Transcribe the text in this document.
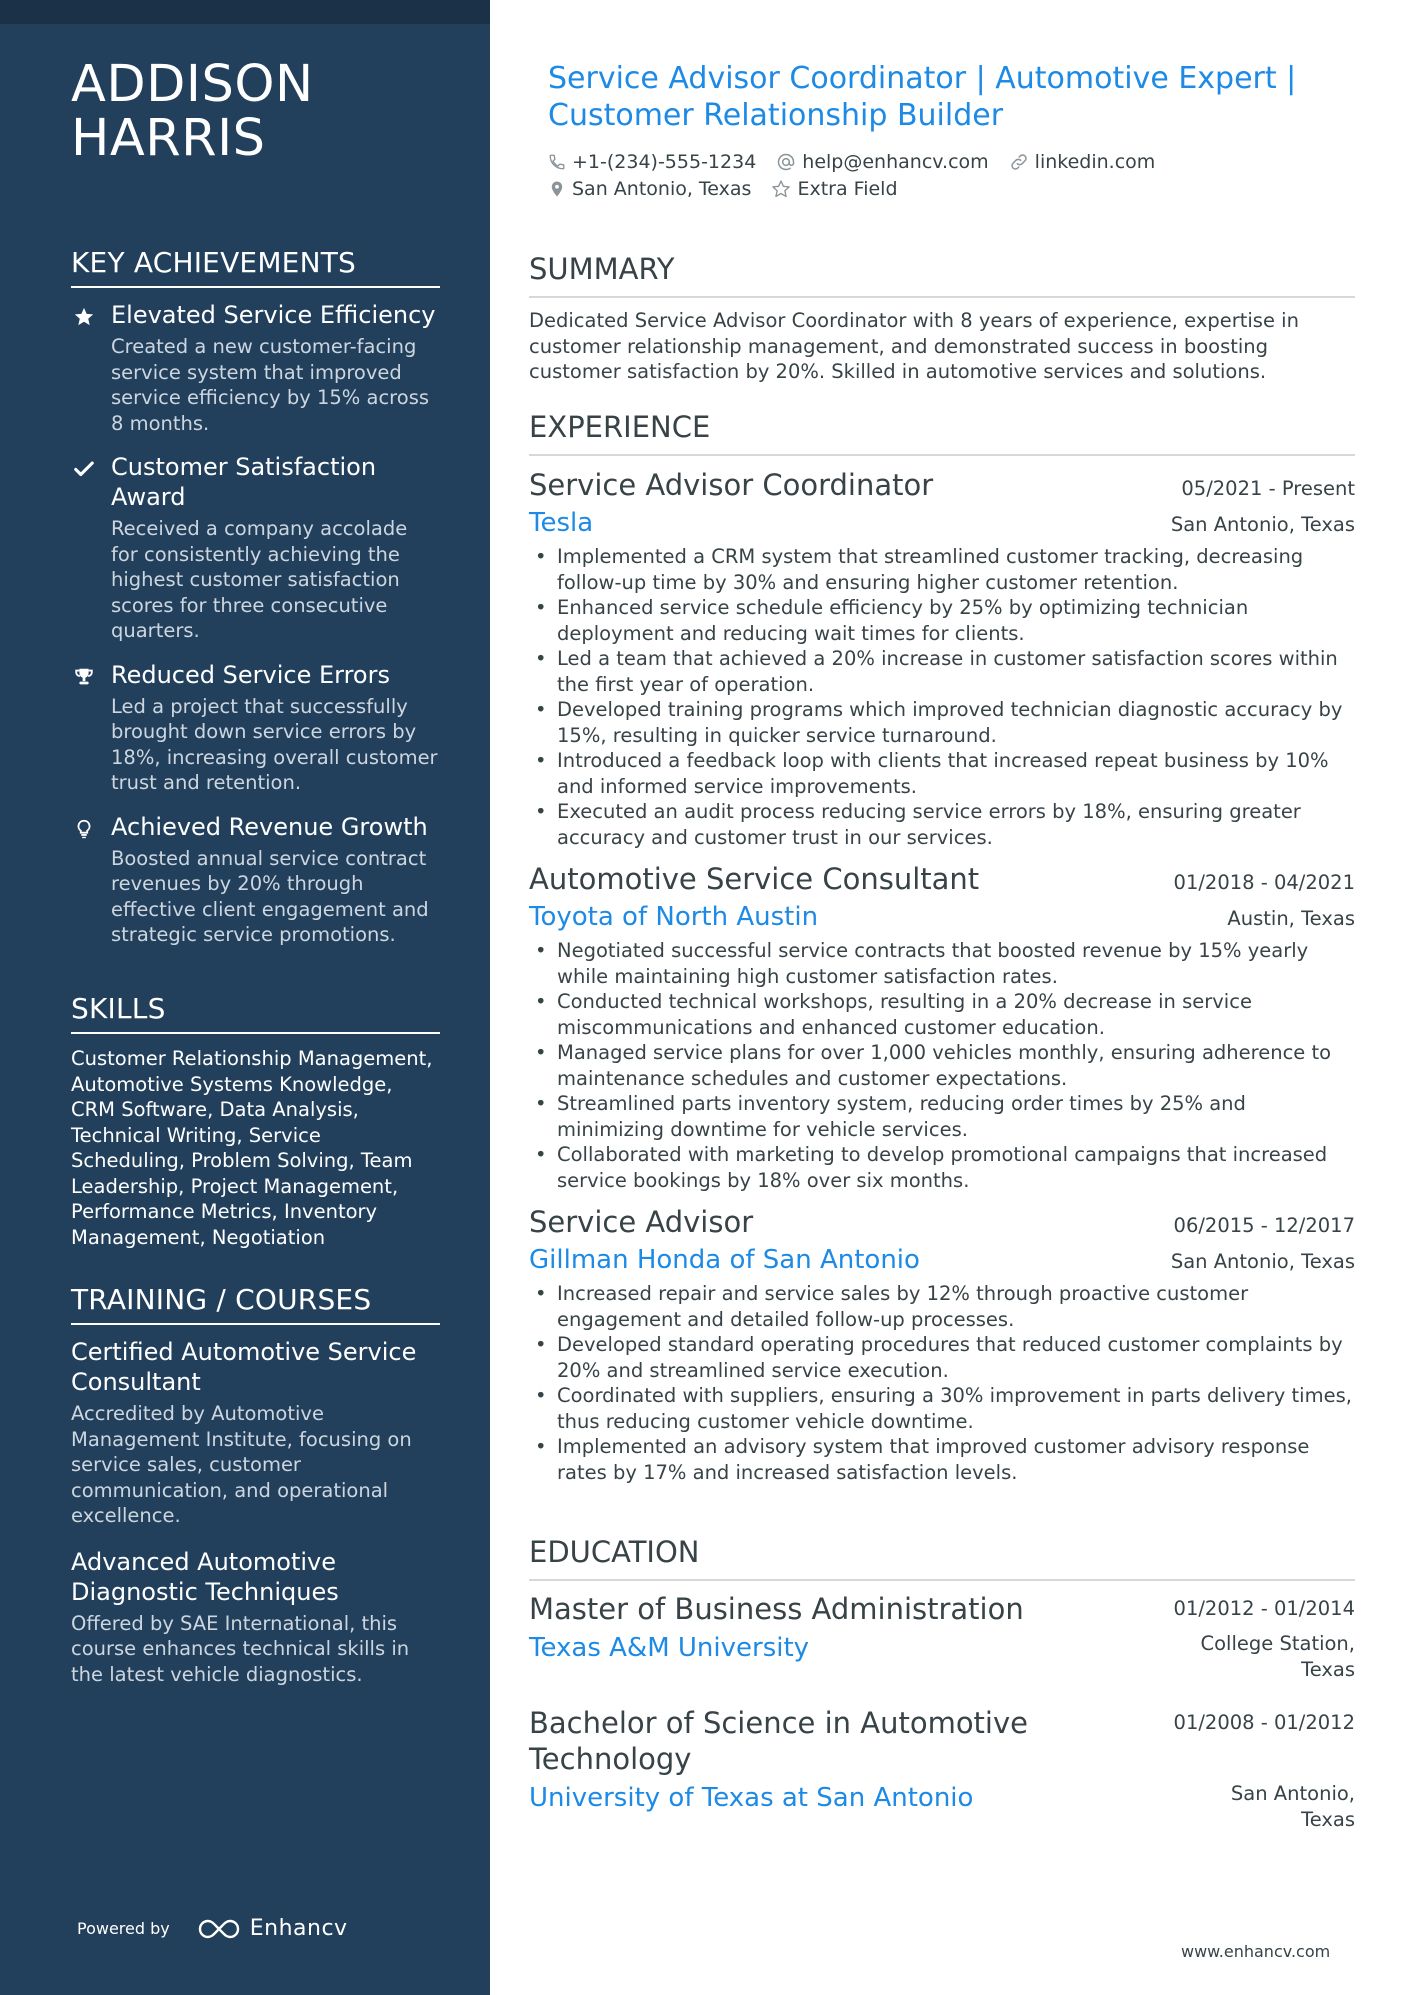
ADDISON
HARRIS
KEY ACHIEVEMENTS
Elevated Service Efficiency
Created a new customer-facing service system that improved service efficiency by 15% across 8 months.
Customer Satisfaction Award
Received a company accolade for consistently achieving the highest customer satisfaction scores for three consecutive quarters.
Reduced Service Errors
Led a project that successfully brought down service errors by 18%, increasing overall customer trust and retention.
Achieved Revenue Growth
Boosted annual service contract revenues by 20% through effective client engagement and strategic service promotions.
SKILLS
Customer Relationship Management, Automotive Systems Knowledge, CRM Software, Data Analysis, Technical Writing, Service Scheduling, Problem Solving, Team Leadership, Project Management, Performance Metrics, Inventory Management, Negotiation
TRAINING / COURSES
Certified Automotive Service Consultant
Accredited by Automotive Management Institute, focusing on service sales, customer communication, and operational excellence.
Advanced Automotive Diagnostic Techniques
Offered by SAE International, this course enhances technical skills in the latest vehicle diagnostics.
Powered by	Enhancv
Service Advisor Coordinator | Automotive Expert | Customer Relationship Builder
+1-(234)-555-1234 help@enhancv.com linkedin.com
San Antonio, Texas Extra Field
SUMMARY
Dedicated Service Advisor Coordinator with 8 years of experience, expertise in customer relationship management, and demonstrated success in boosting customer satisfaction by 20%. Skilled in automotive services and solutions.
EXPERIENCE
Service Advisor Coordinator	05/2021 - Present
Tesla	San Antonio, Texas
• Implemented a CRM system that streamlined customer tracking, decreasing follow-up time by 30% and ensuring higher customer retention.
• Enhanced service schedule efficiency by 25% by optimizing technician deployment and reducing wait times for clients.
• Led a team that achieved a 20% increase in customer satisfaction scores within the first year of operation.
• Developed training programs which improved technician diagnostic accuracy by 15%, resulting in quicker service turnaround.
• Introduced a feedback loop with clients that increased repeat business by 10% and informed service improvements.
• Executed an audit process reducing service errors by 18%, ensuring greater accuracy and customer trust in our services.
Automotive Service Consultant	01/2018 - 04/2021
Toyota of North Austin	Austin, Texas
• Negotiated successful service contracts that boosted revenue by 15% yearly while maintaining high customer satisfaction rates.
• Conducted technical workshops, resulting in a 20% decrease in service miscommunications and enhanced customer education.
• Managed service plans for over 1,000 vehicles monthly, ensuring adherence to maintenance schedules and customer expectations.
• Streamlined parts inventory system, reducing order times by 25% and minimizing downtime for vehicle services.
• Collaborated with marketing to develop promotional campaigns that increased service bookings by 18% over six months.
Service Advisor	06/2015 - 12/2017
Gillman Honda of San Antonio	San Antonio, Texas
• Increased repair and service sales by 12% through proactive customer engagement and detailed follow-up processes.
• Developed standard operating procedures that reduced customer complaints by 20% and streamlined service execution.
• Coordinated with suppliers, ensuring a 30% improvement in parts delivery times, thus reducing customer vehicle downtime.
• Implemented an advisory system that improved customer advisory response rates by 17% and increased satisfaction levels.
EDUCATION
Master of Business Administration	01/2012 - 01/2014
Texas A&M University	College Station, Texas
Bachelor of Science in Automotive Technology
01/2008 - 01/2012
University of Texas at San Antonio	San Antonio, Texas
www.enhancv.com
